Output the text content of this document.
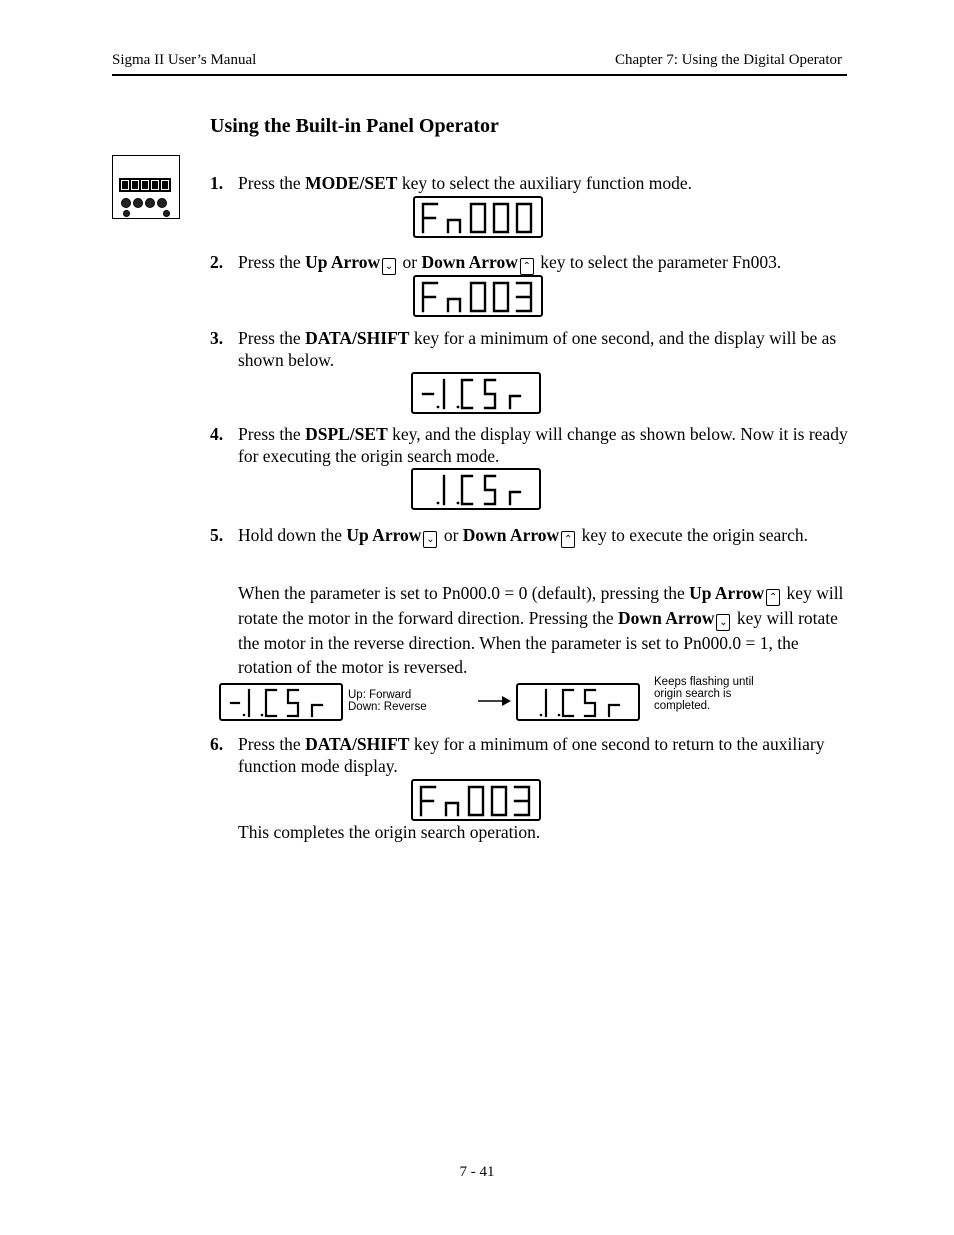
Sigma II User’s Manual	Chapter 7: Using the Digital Operator
Using the Built-in Panel Operator
1. Press the MODE/SET key to select the auxiliary function mode.
2. Press the Up Arrow ⌄ or Down Arrow ⌃ key to select the parameter Fn003.
3. Press the DATA/SHIFT key for a minimum of one second, and the display will be as shown below.
4. Press the DSPL/SET key, and the display will change as shown below. Now it is ready for executing the origin search mode.
5. Hold down the Up Arrow ⌄ or Down Arrow ⌃ key to execute the origin search.
When the parameter is set to Pn000.0 = 0 (default), pressing the Up Arrow ⌃ key will rotate the motor in the forward direction. Pressing the Down Arrow ⌄ key will rotate the motor in the reverse direction. When the parameter is set to Pn000.0 = 1, the rotation of the motor is reversed.
Up: Forward
Down: Reverse
Keeps flashing until
origin search is
completed.
6. Press the DATA/SHIFT key for a minimum of one second to return to the auxiliary function mode display.
This completes the origin search operation.
7 - 41
